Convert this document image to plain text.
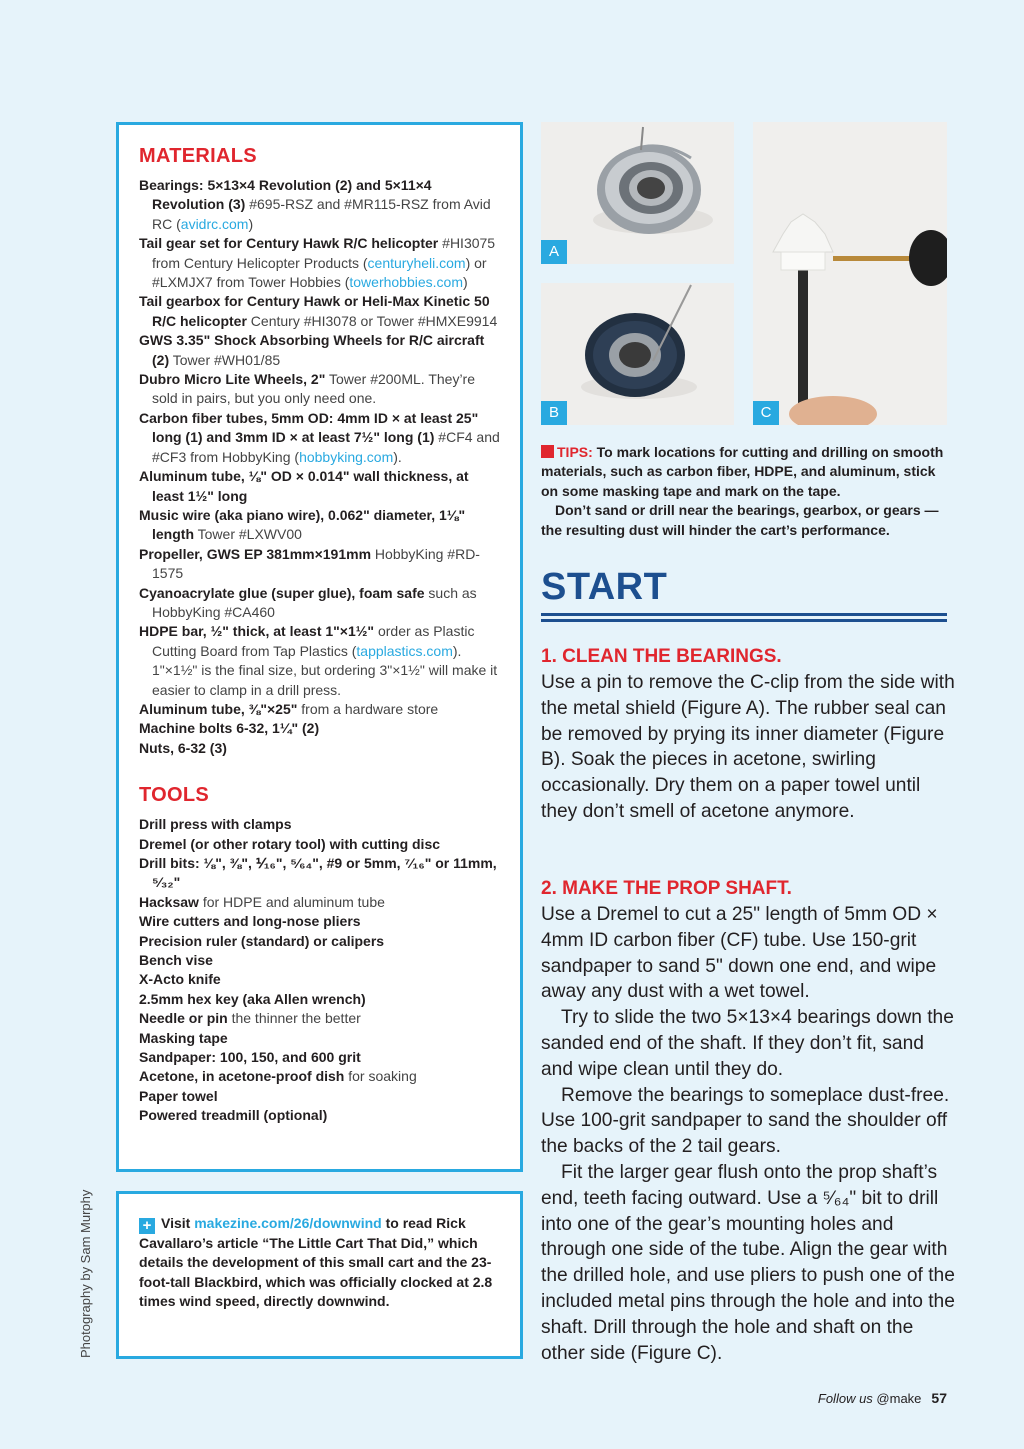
MATERIALS
Bearings: 5×13×4 Revolution (2) and 5×11×4 Revolution (3) #695-RSZ and #MR115-RSZ from Avid RC (avidrc.com)
Tail gear set for Century Hawk R/C helicopter #HI3075 from Century Helicopter Products (centuryheli.com) or #LXMJX7 from Tower Hobbies (towerhobbies.com)
Tail gearbox for Century Hawk or Heli-Max Kinetic 50 R/C helicopter Century #HI3078 or Tower #HMXE9914
GWS 3.35" Shock Absorbing Wheels for R/C aircraft (2) Tower #WH01/85
Dubro Micro Lite Wheels, 2" Tower #200ML. They’re sold in pairs, but you only need one.
Carbon fiber tubes, 5mm OD: 4mm ID × at least 25" long (1) and 3mm ID × at least 7½" long (1) #CF4 and #CF3 from HobbyKing (hobbyking.com).
Aluminum tube, ⅛" OD × 0.014" wall thickness, at least 1½" long
Music wire (aka piano wire), 0.062" diameter, 1⅛" length Tower #LXWV00
Propeller, GWS EP 381mm×191mm HobbyKing #RD-1575
Cyanoacrylate glue (super glue), foam safe such as HobbyKing #CA460
HDPE bar, ½" thick, at least 1"×1½" order as Plastic Cutting Board from Tap Plastics (tapplastics.com). 1"×1½" is the final size, but ordering 3"×1½" will make it easier to clamp in a drill press.
Aluminum tube, ⅜"×25" from a hardware store
Machine bolts 6-32, 1¼" (2)
Nuts, 6-32 (3)
TOOLS
Drill press with clamps
Dremel (or other rotary tool) with cutting disc
Drill bits: ⅛", ⅜", ⅟₁₆", ⁵⁄₆₄", #9 or 5mm, ⁷⁄₁₆" or 11mm, ⁵⁄₃₂"
Hacksaw for HDPE and aluminum tube
Wire cutters and long-nose pliers
Precision ruler (standard) or calipers
Bench vise
X-Acto knife
2.5mm hex key (aka Allen wrench)
Needle or pin the thinner the better
Masking tape
Sandpaper: 100, 150, and 600 grit
Acetone, in acetone-proof dish for soaking
Paper towel
Powered treadmill (optional)
+ Visit makezine.com/26/downwind to read Rick Cavallaro’s article “The Little Cart That Did,” which details the development of this small cart and the 23-foot-tall Blackbird, which was officially clocked at 2.8 times wind speed, directly downwind.
A
B	C
TIPS: To mark locations for cutting and drilling on smooth materials, such as carbon fiber, HDPE, and aluminum, stick on some masking tape and mark on the tape.
Don’t sand or drill near the bearings, gearbox, or gears — the resulting dust will hinder the cart’s performance.
START
1. CLEAN THE BEARINGS.

Use a pin to remove the C-clip from the side with the metal shield (Figure A). The rubber seal can be removed by prying its inner diameter (Figure B). Soak the pieces in acetone, swirling occasionally. Dry them on a paper towel until they don’t smell of acetone anymore.

2. MAKE THE PROP SHAFT.

Use a Dremel to cut a 25" length of 5mm OD × 4mm ID carbon fiber (CF) tube. Use 150-grit sandpaper to sand 5" down one end, and wipe away any dust with a wet towel.

Try to slide the two 5×13×4 bearings down the sanded end of the shaft. If they don’t fit, sand and wipe clean until they do.

Remove the bearings to someplace dust-free. Use 100-grit sandpaper to sand the shoulder off the backs of the 2 tail gears.

Fit the larger gear flush onto the prop shaft’s end, teeth facing outward. Use a ⁵⁄₆₄" bit to drill into one of the gear’s mounting holes and through one side of the tube. Align the gear with the drilled hole, and use pliers to push one of the included metal pins through the hole and into the shaft. Drill through the hole and shaft on the other side (Figure C).

Photography by Sam Murphy
Follow us @make 57
